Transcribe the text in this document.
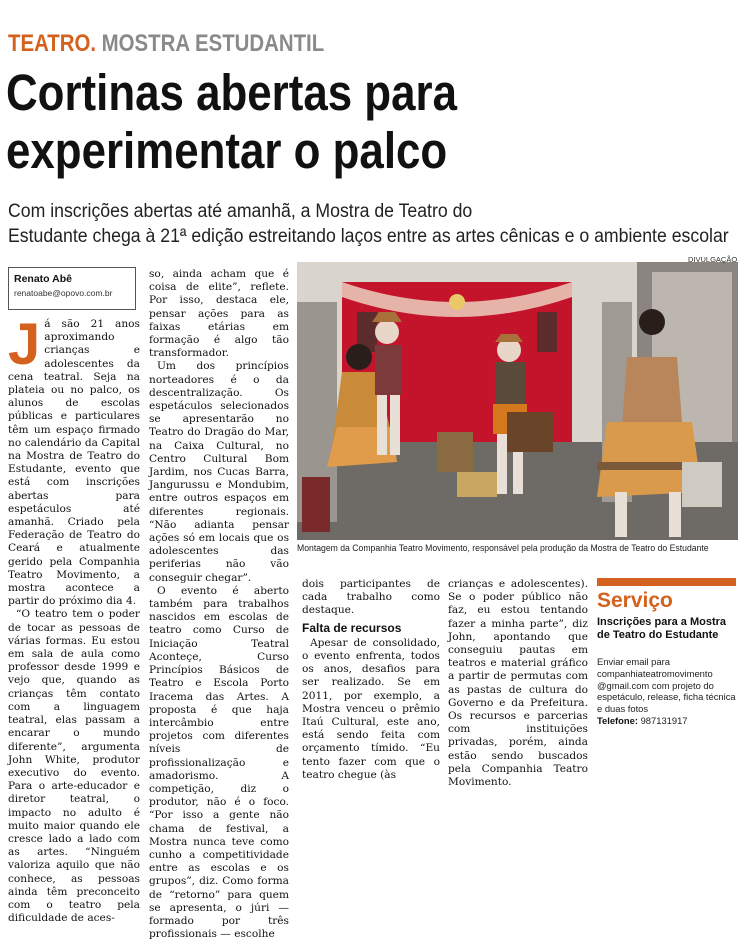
TEATRO. MOSTRA ESTUDANTIL
Cortinas abertas para
experimentar o palco
Com inscrições abertas até amanhã, a Mostra de Teatro do
Estudante chega à 21ª edição estreitando laços entre as artes cênicas e o ambiente escolar
Renato Abê
renatoabe@opovo.com.br
J á são 21 anos aproximando crianças e adolescentes da cena teatral. Seja na plateia ou no palco, os alunos de escolas públicas e particulares têm um espaço firmado no calendário da Capital na Mostra de Teatro do Estudante, evento que está com inscrições abertas para espetáculos até amanhã. Criado pela Federação de Teatro do Ceará e atualmente gerido pela Companhia Teatro Movimento, a mostra acontece a partir do próximo dia 4.

“O teatro tem o poder de tocar as pessoas de várias formas. Eu estou em sala de aula como professor desde 1999 e vejo que, quando as crianças têm contato com a linguagem teatral, elas passam a encarar o mundo diferente”, argumenta John White, produtor executivo do evento. Para o arte-educador e diretor teatral, o impacto no adulto é muito maior quando ele cresce lado a lado com as artes. “Ninguém valoriza aquilo que não conhece, as pessoas ainda têm preconceito com o teatro pela dificuldade de aces-

so, ainda acham que é coisa de elite”, reflete. Por isso, destaca ele, pensar ações para as faixas etárias em formação é algo tão transformador.

Um dos princípios norteadores é o da descentralização. Os espetáculos selecionados se apresentarão no Teatro do Dragão do Mar, na Caixa Cultural, no Centro Cultural Bom Jardim, nos Cucas Barra, Jangurussu e Mondubim, entre outros espaços em diferentes regionais. “Não adianta pensar ações só em locais que os adolescentes das periferias não vão conseguir chegar”.

O evento é aberto também para trabalhos nascidos em escolas de teatro como Curso de Iniciação Teatral Aconteçe, Curso Princípios Básicos de Teatro e Escola Porto Iracema das Artes. A proposta é que haja intercâmbio entre projetos com diferentes níveis de profissionalização e amadorismo. A competição, diz o produtor, não é o foco. “Por isso a gente não chama de festival, a Mostra nunca teve como cunho a competitividade entre as escolas e os grupos”, diz. Como forma de “retorno” para quem se apresenta, o júri — formado por três profissionais — escolhe

DIVULGAÇÃO
Montagem da Companhia Teatro Movimento, responsável pela produção da Mostra de Teatro do Estudante

dois participantes de cada trabalho como destaque.

Falta de recursos

Apesar de consolidado, o evento enfrenta, todos os anos, desafios para ser realizado. Se em 2011, por exemplo, a Mostra venceu o prêmio Itaú Cultural, este ano, está sendo feita com orçamento tímido. “Eu tento fazer com que o teatro chegue (às

crianças e adolescentes). Se o poder público não faz, eu estou tentando fazer a minha parte”, diz John, apontando que conseguiu pautas em teatros e material gráfico a partir de permutas com as pastas de cultura do Governo e da Prefeitura. Os recursos e parcerias com instituições privadas, porém, ainda estão sendo buscados pela Companhia Teatro Movimento.

Serviço
Inscrições para a Mostra de Teatro do Estudante
Enviar email para companhiateatromovimento @gmail.com com projeto do espetáculo, release, ficha técnica e duas fotos
Telefone: 987131917
